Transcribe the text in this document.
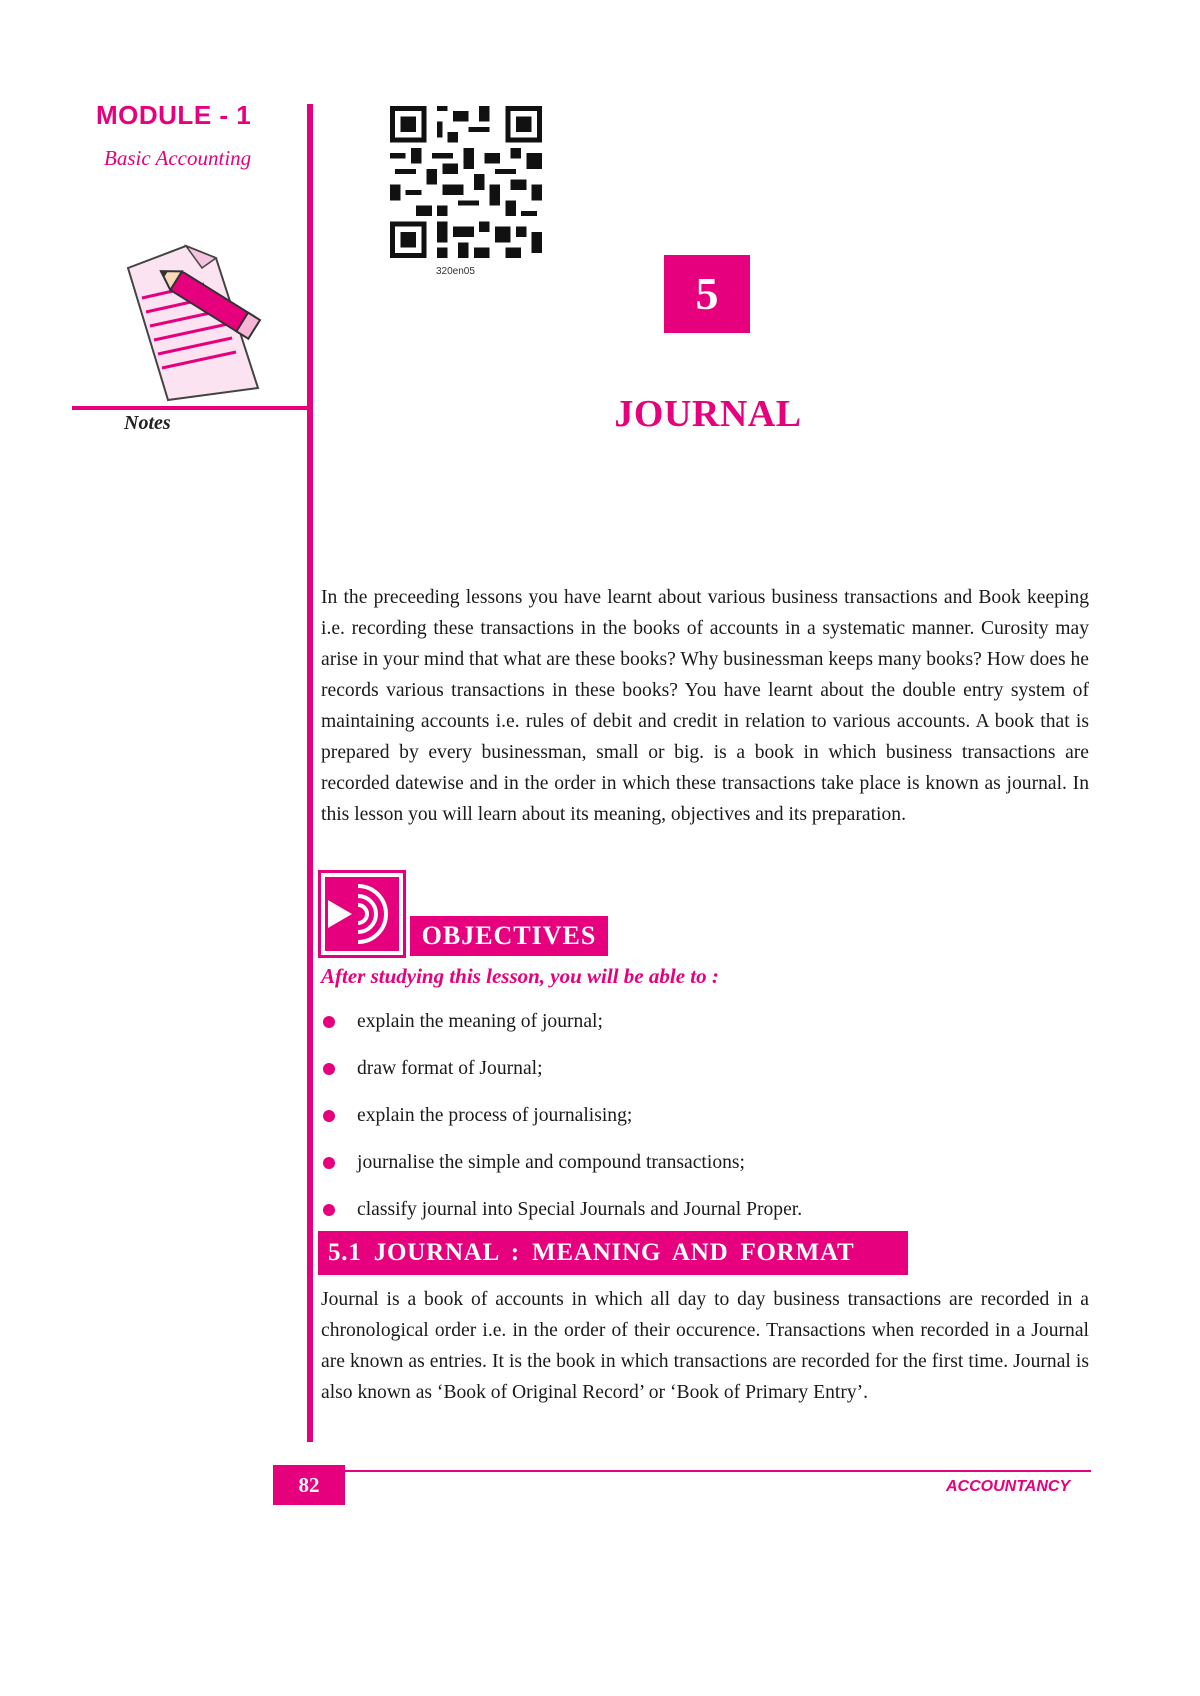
MODULE - 1
Basic Accounting
Notes
320en05	5
JOURNAL

In the preceeding lessons you have learnt about various business transactions and Book keeping i.e. recording these transactions in the books of accounts in a systematic manner. Curosity may arise in your mind that what are these books? Why businessman keeps many books? How does he records various transactions in these books? You have learnt about the double entry system of maintaining accounts i.e. rules of debit and credit in relation to various accounts. A book that is prepared by every businessman, small or big. is a book in which business transactions are recorded datewise and in the order in which these transactions take place is known as journal. In this lesson you will learn about its meaning, objectives and its preparation.

OBJECTIVES
After studying this lesson, you will be able to :
explain the meaning of journal;
draw format of Journal;
explain the process of journalising;
journalise the simple and compound transactions;
classify journal into Special Journals and Journal Proper.
5.1 JOURNAL : MEANING AND FORMAT

Journal is a book of accounts in which all day to day business transactions are recorded in a chronological order i.e. in the order of their occurence. Transactions when recorded in a Journal are known as entries. It is the book in which transactions are recorded for the first time. Journal is also known as ‘Book of Original Record’ or ‘Book of Primary Entry’.

82	ACCOUNTANCY
